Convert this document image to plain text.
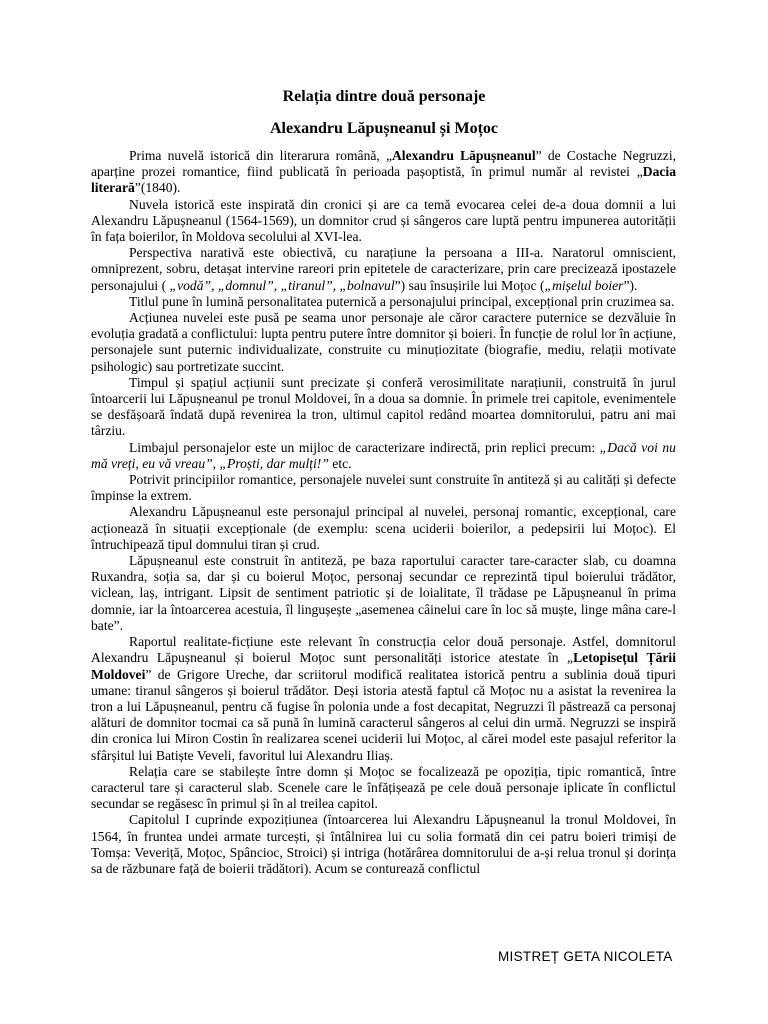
Relația dintre două personaje
Alexandru Lăpușneanul și Moțoc

Prima nuvelă istorică din literarura română, „Alexandru Lăpușneanul” de Costache Negruzzi, aparține prozei romantice, fiind publicată în perioada pașoptistă, în primul număr al revistei „Dacia literară”(1840).

Nuvela istorică este inspirată din cronici și are ca temă evocarea celei de-a doua domnii a lui Alexandru Lăpușneanul (1564-1569), un domnitor crud și sângeros care luptă pentru impunerea autorității în fața boierilor, în Moldova secolului al XVI-lea.

Perspectiva narativă este obiectivă, cu narațiune la persoana a III-a. Naratorul omniscient, omniprezent, sobru, detașat intervine rareori prin epitetele de caracterizare, prin care precizează ipostazele personajului ( „vodă”, „domnul”, „tiranul”, „bolnavul”) sau însușirile lui Moțoc („mișelul boier”).

Titlul pune în lumină personalitatea puternică a personajului principal, excepțional prin cruzimea sa.

Acțiunea nuvelei este pusă pe seama unor personaje ale căror caractere puternice se dezvăluie în evoluția gradată a conflictului: lupta pentru putere între domnitor și boieri. În funcție de rolul lor în acțiune, personajele sunt puternic individualizate, construite cu minuțiozitate (biografie, mediu, relații motivate psihologic) sau portretizate succint.

Timpul și spațiul acțiunii sunt precizate și conferă verosimilitate narațiunii, construită în jurul întoarcerii lui Lăpușneanul pe tronul Moldovei, în a doua sa domnie. În primele trei capitole, evenimentele se desfășoară îndată după revenirea la tron, ultimul capitol redând moartea domnitorului, patru ani mai târziu.

Limbajul personajelor este un mijloc de caracterizare indirectă, prin replici precum: „Dacă voi nu mă vreți, eu vă vreau”, „Proști, dar mulți!” etc.

Potrivit principiilor romantice, personajele nuvelei sunt construite în antiteză și au calități și defecte împinse la extrem.

Alexandru Lăpușneanul este personajul principal al nuvelei, personaj romantic, excepțional, care acționează în situații excepționale (de exemplu: scena uciderii boierilor, a pedepsirii lui Moțoc). El întruchipează tipul domnului tiran și crud.

Lăpușneanul este construit în antiteză, pe baza raportului caracter tare-caracter slab, cu doamna Ruxandra, soția sa, dar și cu boierul Moțoc, personaj secundar ce reprezintă tipul boierului trădător, viclean, laș, intrigant. Lipsit de sentiment patriotic și de loialitate, îl trădase pe Lăpușneanul în prima domnie, iar la întoarcerea acestuia, îl lingușește „asemenea câinelui care în loc să muște, linge mâna care-l bate”.

Raportul realitate-ficțiune este relevant în construcția celor două personaje. Astfel, domnitorul Alexandru Lăpușneanul și boierul Moțoc sunt personalități istorice atestate în „Letopisețul Țării Moldovei” de Grigore Ureche, dar scriitorul modifică realitatea istorică pentru a sublinia două tipuri umane: tiranul sângeros și boierul trădător. Deși istoria atestă faptul că Moțoc nu a asistat la revenirea la tron a lui Lăpușneanul, pentru că fugise în polonia unde a fost decapitat, Negruzzi îl păstrează ca personaj alături de domnitor tocmai ca să pună în lumină caracterul sângeros al celui din urmă. Negruzzi se inspiră din cronica lui Miron Costin în realizarea scenei uciderii lui Moțoc, al cărei model este pasajul referitor la sfârșitul lui Batiște Veveli, favoritul lui Alexandru Iliaș.

Relația care se stabilește între domn și Moțoc se focalizează pe opoziția, tipic romantică, între caracterul tare și caracterul slab. Scenele care le înfățișează pe cele două personaje iplicate în conflictul secundar se regăsesc în primul și în al treilea capitol.

Capitolul I cuprinde expozițiunea (întoarcerea lui Alexandru Lăpușneanul la tronul Moldovei, în 1564, în fruntea undei armate turcești, și întâlnirea lui cu solia formată din cei patru boieri trimiși de Tomșa: Veveriță, Moțoc, Spâncioc, Stroici) și intriga (hotărârea domnitorului de a-și relua tronul și dorința sa de răzbunare față de boierii trădători). Acum se conturează conflictul

MISTREȚ GETA NICOLETA
